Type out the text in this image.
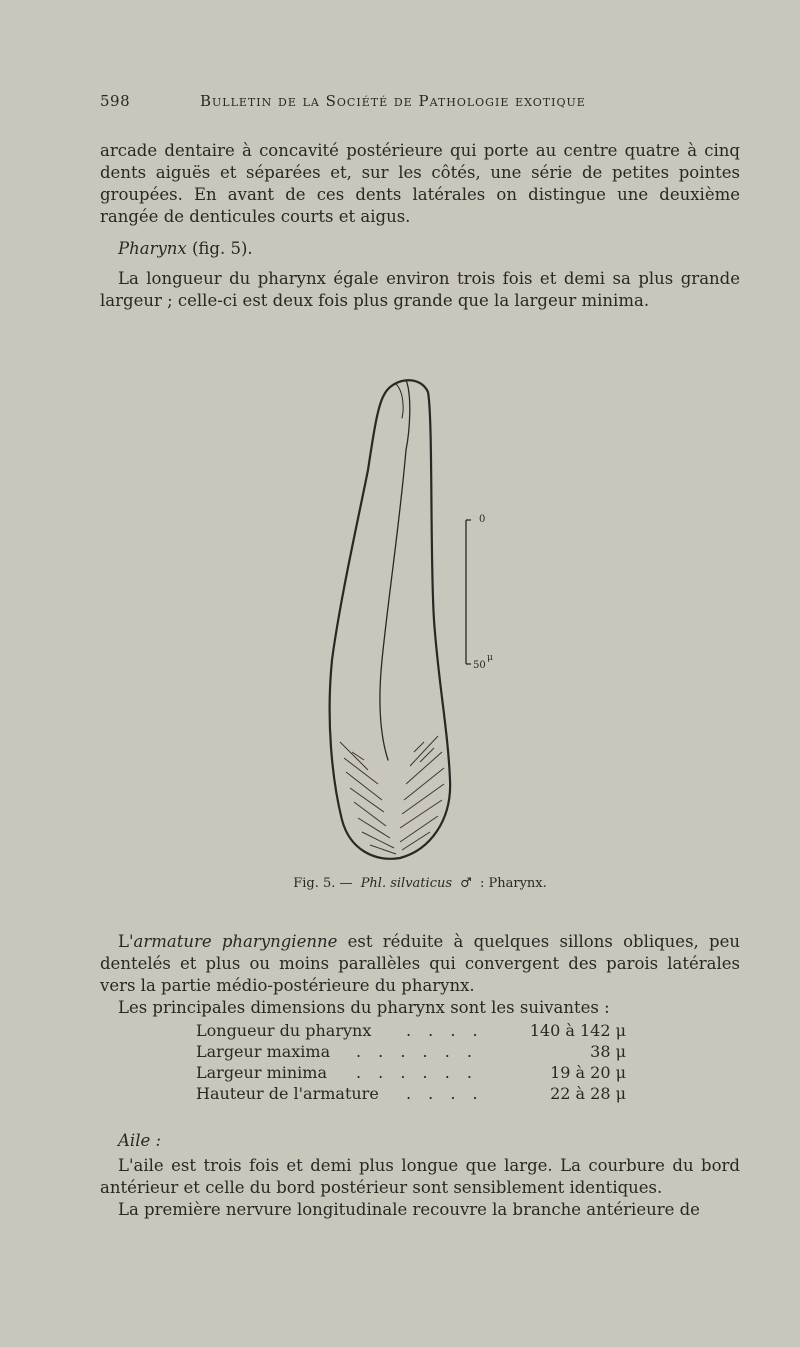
598	Bulletin de la Société de Pathologie exotique
arcade dentaire à concavité postérieure qui porte au centre quatre à cinq dents aiguës et séparées et, sur les côtés, une série de petites pointes groupées. En avant de ces dents latérales on distingue une deuxième rangée de denticules courts et aigus.
Pharynx (fig. 5).
La longueur du pharynx égale environ trois fois et demi sa plus grande largeur ; celle-ci est deux fois plus grande que la largeur minima.
0
50
μ
Fig. 5. — Phl. silvaticus ♂ : Pharynx.
L'armature pharyngienne est réduite à quelques sillons obliques, peu dentelés et plus ou moins parallèles qui convergent des parois latérales vers la partie médio-postérieure du pharynx.
Les principales dimensions du pharynx sont les suivantes :
Longueur du pharynx . . . .	140 à 142 μ
Largeur maxima . . . . . .	38 μ
Largeur minima . . . . . .	19 à 20 μ
Hauteur de l'armature . . . .	22 à 28 μ
Aile :
L'aile est trois fois et demi plus longue que large. La courbure du bord antérieur et celle du bord postérieur sont sensiblement identiques.
La première nervure longitudinale recouvre la branche antérieure de
